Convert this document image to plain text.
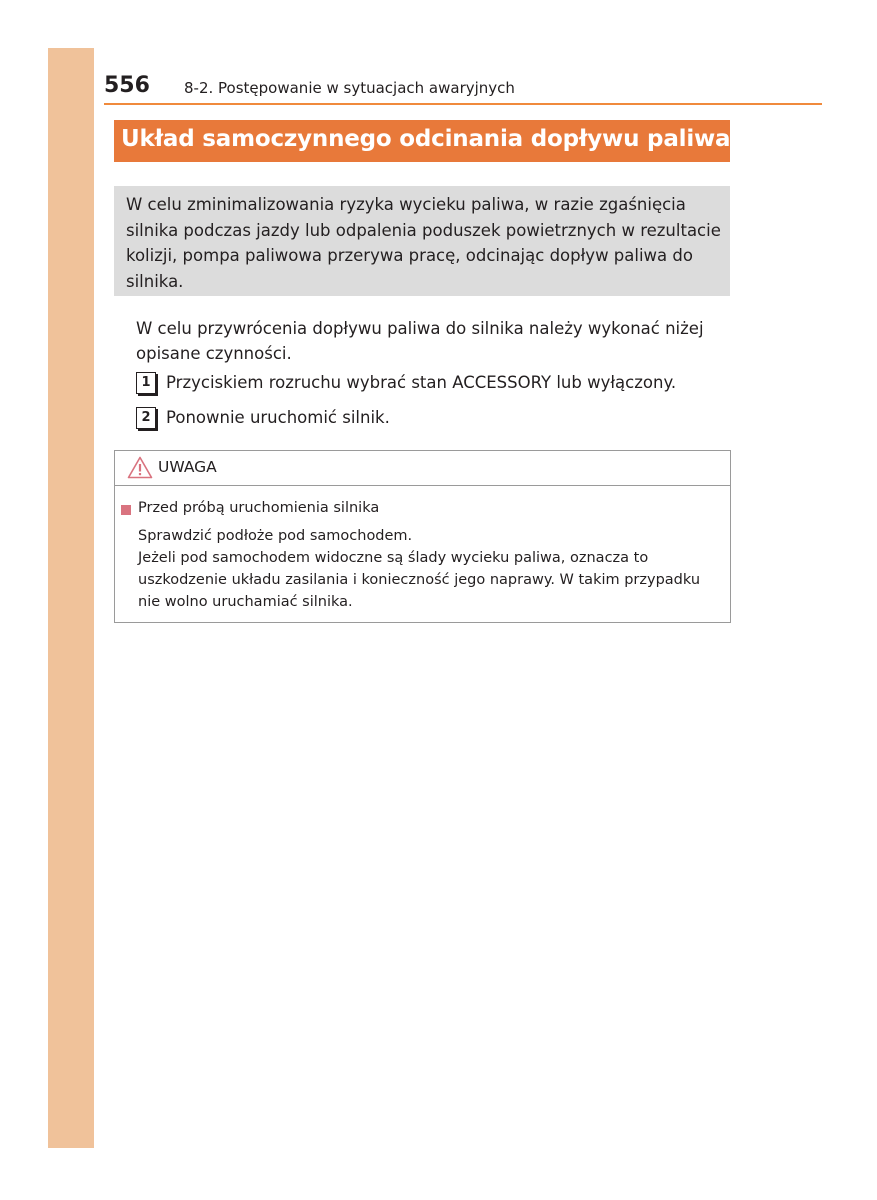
556 8-2. Postępowanie w sytuacjach awaryjnych
Układ samoczynnego odcinania dopływu paliwa
W celu zminimalizowania ryzyka wycieku paliwa, w razie zgaśnięcia silnika podczas jazdy lub odpalenia poduszek powietrznych w rezultacie kolizji, pompa paliwowa przerywa pracę, odcinając dopływ paliwa do silnika.
W celu przywrócenia dopływu paliwa do silnika należy wykonać niżej opisane czynności.
1 Przyciskiem rozruchu wybrać stan ACCESSORY lub wyłączony.
2 Ponownie uruchomić silnik.
UWAGA
Przed próbą uruchomienia silnika
Sprawdzić podłoże pod samochodem.
Jeżeli pod samochodem widoczne są ślady wycieku paliwa, oznacza to uszkodzenie układu zasilania i konieczność jego naprawy. W takim przypadku nie wolno uruchamiać silnika.
